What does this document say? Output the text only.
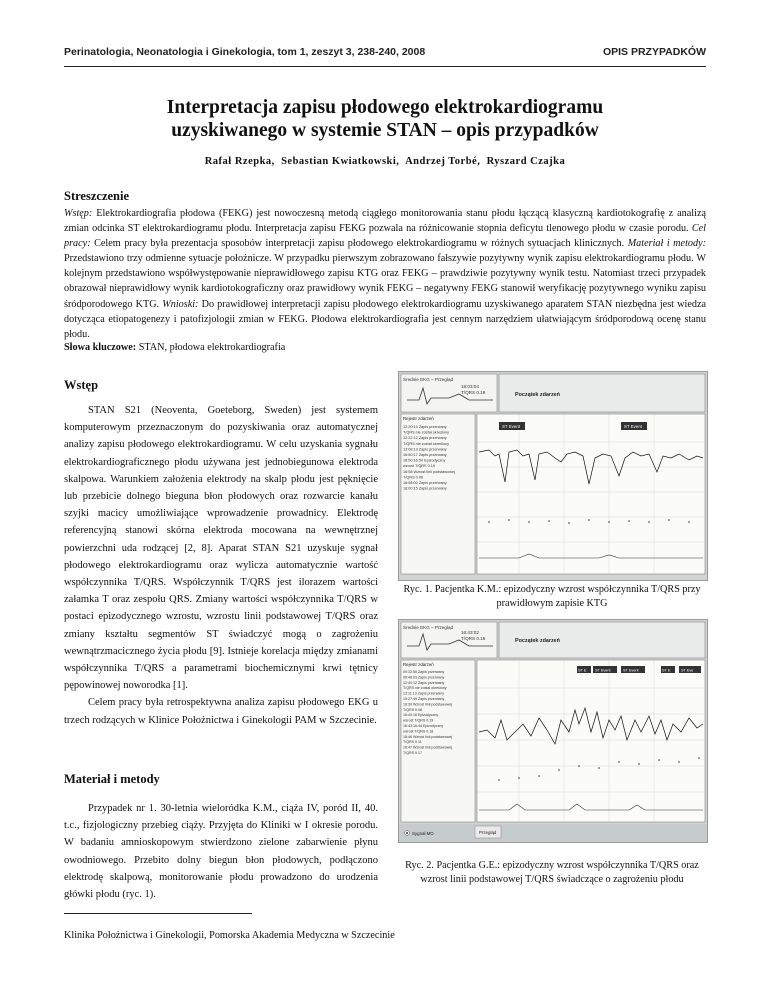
Perinatologia, Neonatologia i Ginekologia, tom 1, zeszyt 3, 238-240, 2008	OPIS PRZYPADKÓW
Interpretacja zapisu płodowego elektrokardiogramu
uzyskiwanego w systemie STAN – opis przypadków
Rafał Rzepka, Sebastian Kwiatkowski, Andrzej Torbé, Ryszard Czajka
Streszczenie
Wstęp: Elektrokardiografia płodowa (FEKG) jest nowoczesną metodą ciągłego monitorowania stanu płodu łączącą klasyczną kardiotokografię z analizą zmian odcinka ST elektrokardiogramu płodu. Interpretacja zapisu FEKG pozwala na różnicowanie stopnia deficytu tlenowego płodu w czasie porodu. Cel pracy: Celem pracy była prezentacja sposobów interpretacji zapisu płodowego elektrokardiogramu w różnych sytuacjach klinicznych. Materiał i metody: Przedstawiono trzy odmienne sytuacje położnicze. W przypadku pierwszym zobrazowano fałszywie pozytywny wynik zapisu elektrokardiogramu płodu. W kolejnym przedstawiono współwystępowanie nieprawidłowego zapisu KTG oraz FEKG – prawdziwie pozytywny wynik testu. Natomiast trzeci przypadek obrazował nieprawidłowy wynik kardiotokograficzny oraz prawidłowy wynik FEKG – negatywny FEKG stanowił weryfikację pozytywnego wyniku zapisu śródporodowego KTG. Wnioski: Do prawidłowej interpretacji zapisu płodowego elektrokardiogramu uzyskiwanego aparatem STAN niezbędna jest wiedza dotycząca etiopatogenezy i patofizjologii zmian w FEKG. Płodowa elektrokardiografia jest cennym narzędziem ułatwiającym śródporodową ocenę stanu płodu.
Słowa kluczowe: STAN, płodowa elektrokardiografia
Wstęp

STAN S21 (Neoventa, Goeteborg, Sweden) jest systemem komputerowym przeznaczonym do pozyskiwania oraz automatycznej analizy zapisu płodowego elektrokardiogramu. W celu uzyskania sygnału elektrokardiograficznego płodu używana jest jednobiegunowa elektroda skalpowa. Warunkiem założenia elektrody na skalp płodu jest pęknięcie lub przebicie dolnego bieguna błon płodowych oraz rozwarcie kanału szyjki macicy umożliwiające wprowadzenie prowadnicy. Elektrodę referencyjną stanowi skórna elektroda mocowana na wewnętrznej powierzchni uda rodzącej [2, 8]. Aparat STAN S21 uzyskuje sygnał płodowego elektrokardiogramu oraz wylicza automatycznie wartość współczynnika T/QRS. Współczynnik T/QRS jest ilorazem wartości załamka T oraz zespołu QRS. Zmiany wartości współczynnika T/QRS w postaci epizodycznego wzrostu, wzrostu linii podstawowej T/QRS oraz zmiany kształtu segmentów ST świadczyć mogą o zagrożeniu wewnątrzmacicznego życia płodu [9]. Istnieje korelacja między zmianami współczynnika T/QRS a parametrami biochemicznymi krwi tętnicy pępowinowej noworodka [1].

Celem pracy była retrospektywna analiza zapisu płodowego EKG u trzech rodzących w Klinice Położnictwa i Ginekologii PAM w Szczecinie.

Materiał i metody

Przypadek nr 1. 30-letnia wieloródka K.M., ciąża IV, poród II, 40. t.c., fizjologiczny przebieg ciąży. Przyjęta do Kliniki w I okresie porodu. W badaniu amnioskopowym stwierdzono zielone zabarwienie płynu owodniowego. Przebito dolny biegun błon płodowych, podłączono elektrodę skalpową, monitorowanie płodu prowadzono do urodzenia główki płodu (ryc. 1).

Średnie EKG – Przegląd
18:03:04
T/QRS 0.19	Początek zdarzeń
Rejestr zdarzeń
12:20:13 Zapis przerwany
T/QRS nie został określony
12:22:12 Zapis przerwany
T/QRS nie został określony
13:08:13 Zapis przerwany
16:50:17 Zapis przerwany
16:50:16:50 Epizodyczny
wzrost T/QRS 0.19
16:58 Wzrost linii podstawowej
T/QRS 0.06
16:58:00 Zapis przerwany
18:00:15 Zapis przerwany
ST Event	ST Event
Ryc. 1. Pacjentka K.M.: epizodyczny wzrost współczynnika T/QRS przy prawidłowym zapisie KTG
Średnie EKG – Przegląd
16:43:02
T/QRS 0.16	Początek zdarzeń
Rejestr zdarzeń
09:32:59 Zapis przerwany
09:48:03 Zapis przerwany
12:40:12 Zapis przerwany
T/QRS nie został określony
13:11:13 Zapis przerwany
15:27:49 Zapis przerwany
16:30 Wzrost linii podstawowej
T/QRS 0.08
16:40:16 Epizodyczny
wzrost T/QRS 0.19
16:43:16:44 Epizodyczny
wzrost T/QRS 0.18
16:46 Wzrost linii podstawowej
T/QRS 0.11
16:47 Wzrost linii podstawowej
T/QRS 0.17
ST E ST Event	ST Event	ST E	ST Eve
Sygnał MO	Przegląd
Ryc. 2. Pacjentka G.E.: epizodyczny wzrost współczynnika T/QRS oraz wzrost linii podstawowej T/QRS świadczące o zagrożeniu płodu
Klinika Położnictwa i Ginekologii, Pomorska Akademia Medyczna w Szczecinie
